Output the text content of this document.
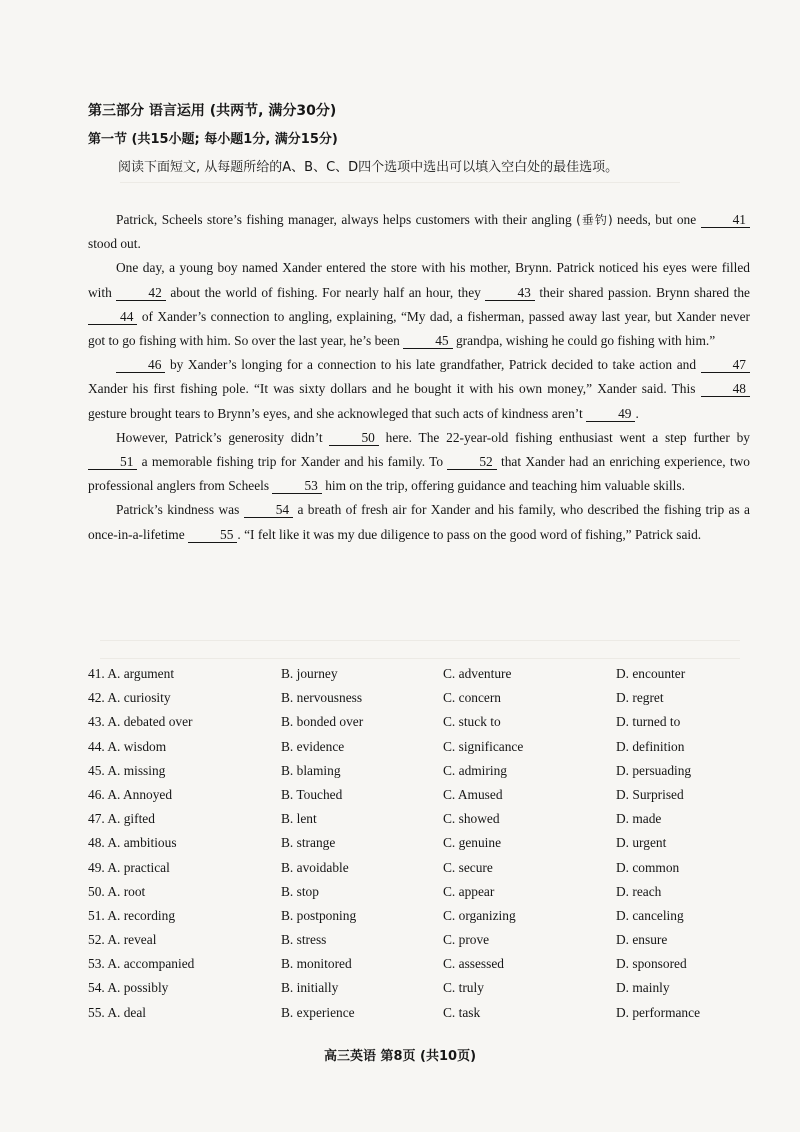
第三部分 语言运用 (共两节, 满分30分)
第一节 (共15小题; 每小题1分, 满分15分)
阅读下面短文, 从每题所给的A、B、C、D四个选项中选出可以填入空白处的最佳选项。

Patrick, Scheels store’s fishing manager, always helps customers with their angling (垂钓) needs, but one	41 stood out.

One day, a young boy named Xander entered the store with his mother, Brynn. Patrick noticed his eyes were filled with	42 about the world of fishing. For nearly half an hour, they	43 their shared passion. Brynn shared the 44 of Xander’s connection to angling, explaining, “My dad, a fisherman, passed away last year, but Xander never got to go fishing with him. So over the last year, he’s been	45 grandpa, wishing he could go fishing with him.”

46 by Xander’s longing for a connection to his late grandfather, Patrick decided to take action and	47 Xander his first fishing pole. “It was sixty dollars and he bought it with his own money,” Xander said. This	48 gesture brought tears to Brynn’s eyes, and she acknowleged that such acts of kindness aren’t	49 .

However, Patrick’s generosity didn’t	50 here. The 22-year-old fishing enthusiast went a step further by 51 a memorable fishing trip for Xander and his family. To	52 that Xander had an enriching experience, two professional anglers from Scheels	53 him on the trip, offering guidance and teaching him valuable skills.

Patrick’s kindness was	54 a breath of fresh air for Xander and his family, who described the fishing trip as a once-in-a-lifetime	55 . “I felt like it was my due diligence to pass on the good word of fishing,” Patrick said.

41. A. argument	B. journey	C. adventure	D. encounter
42. A. curiosity	B. nervousness	C. concern	D. regret
43. A. debated over	B. bonded over	C. stuck to	D. turned to
44. A. wisdom	B. evidence	C. significance	D. definition
45. A. missing	B. blaming	C. admiring	D. persuading
46. A. Annoyed	B. Touched	C. Amused	D. Surprised
47. A. gifted	B. lent	C. showed	D. made
48. A. ambitious	B. strange	C. genuine	D. urgent
49. A. practical	B. avoidable	C. secure	D. common
50. A. root	B. stop	C. appear	D. reach
51. A. recording	B. postponing	C. organizing	D. canceling
52. A. reveal	B. stress	C. prove	D. ensure
53. A. accompanied	B. monitored	C. assessed	D. sponsored
54. A. possibly	B. initially	C. truly	D. mainly
55. A. deal	B. experience	C. task	D. performance
高三英语 第8页 (共10页)
